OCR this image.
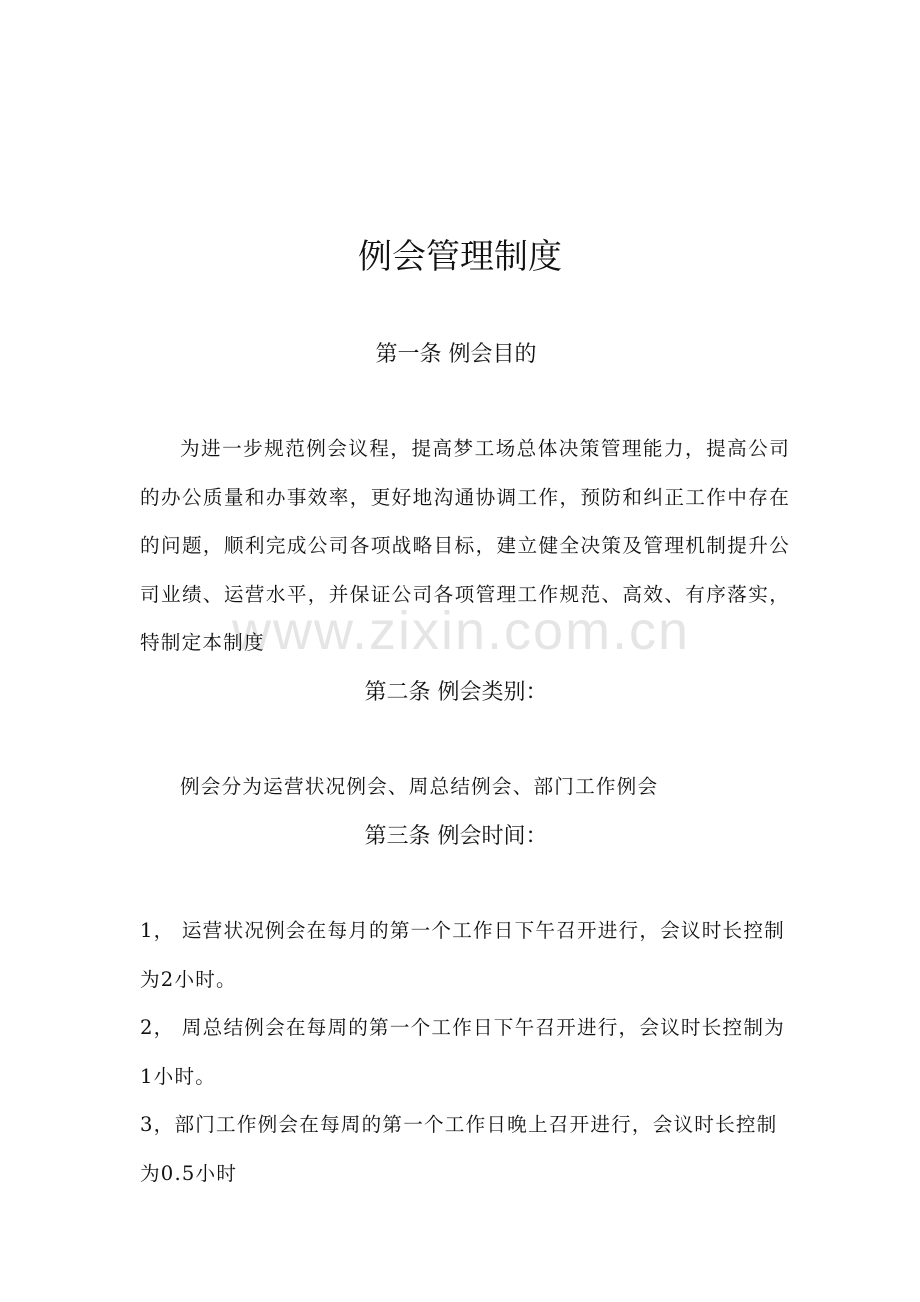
www.zixin.com.cn
例会管理制度
第一条 例会目的

为进一步规范例会议程，提高梦工场总体决策管理能力，提高公司的办公质量和办事效率，更好地沟通协调工作，预防和纠正工作中存在的问题，顺利完成公司各项战略目标，建立健全决策及管理机制提升公司业绩、运营水平，并保证公司各项管理工作规范、高效、有序落实，特制定本制度

第二条 例会类别：

例会分为运营状况例会、周总结例会、部门工作例会

第三条 例会时间：

1， 运营状况例会在每月的第一个工作日下午召开进行，会议时长控制为2小时。

2， 周总结例会在每周的第一个工作日下午召开进行，会议时长控制为1小时。

3，部门工作例会在每周的第一个工作日晚上召开进行，会议时长控制为0.5小时
